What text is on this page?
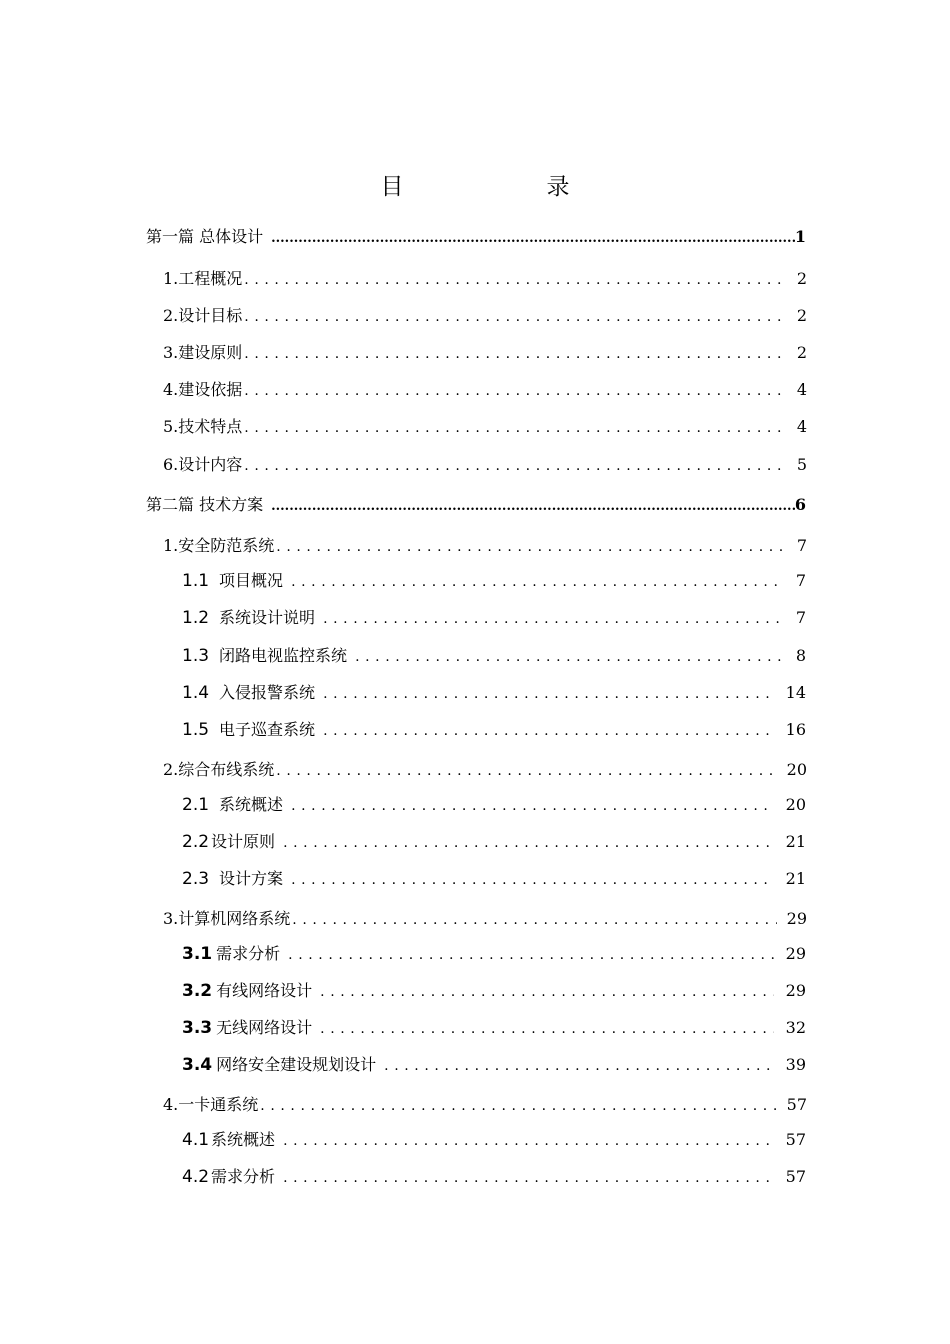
目　录
第一篇 总体设计 .....	1
1.工程概况 .....	2
2.设计目标 .....	2
3.建设原则 .....	2
4.建设依据 .....	4
5.技术特点 .....	4
6.设计内容 .....	5
第二篇 技术方案 .....	6
1.安全防范系统 .....	7
1.1 项目概况 .....	7
1.2 系统设计说明 .....	7
1.3 闭路电视监控系统 .....	8
1.4 入侵报警系统 .....	14
1.5 电子巡查系统 .....	16
2.综合布线系统 .....	20
2.1 系统概述 .....	20
2.2 设计原则 .....	21
2.3 设计方案 .....	21
3.计算机网络系统 .....	29
3.1 需求分析 .....	29
3.2 有线网络设计 .....	29
3.3 无线网络设计 .....	32
3.4 网络安全建设规划设计 .....	39
4.一卡通系统 .....	57
4.1 系统概述 .....	57
4.2 需求分析 .....	57
